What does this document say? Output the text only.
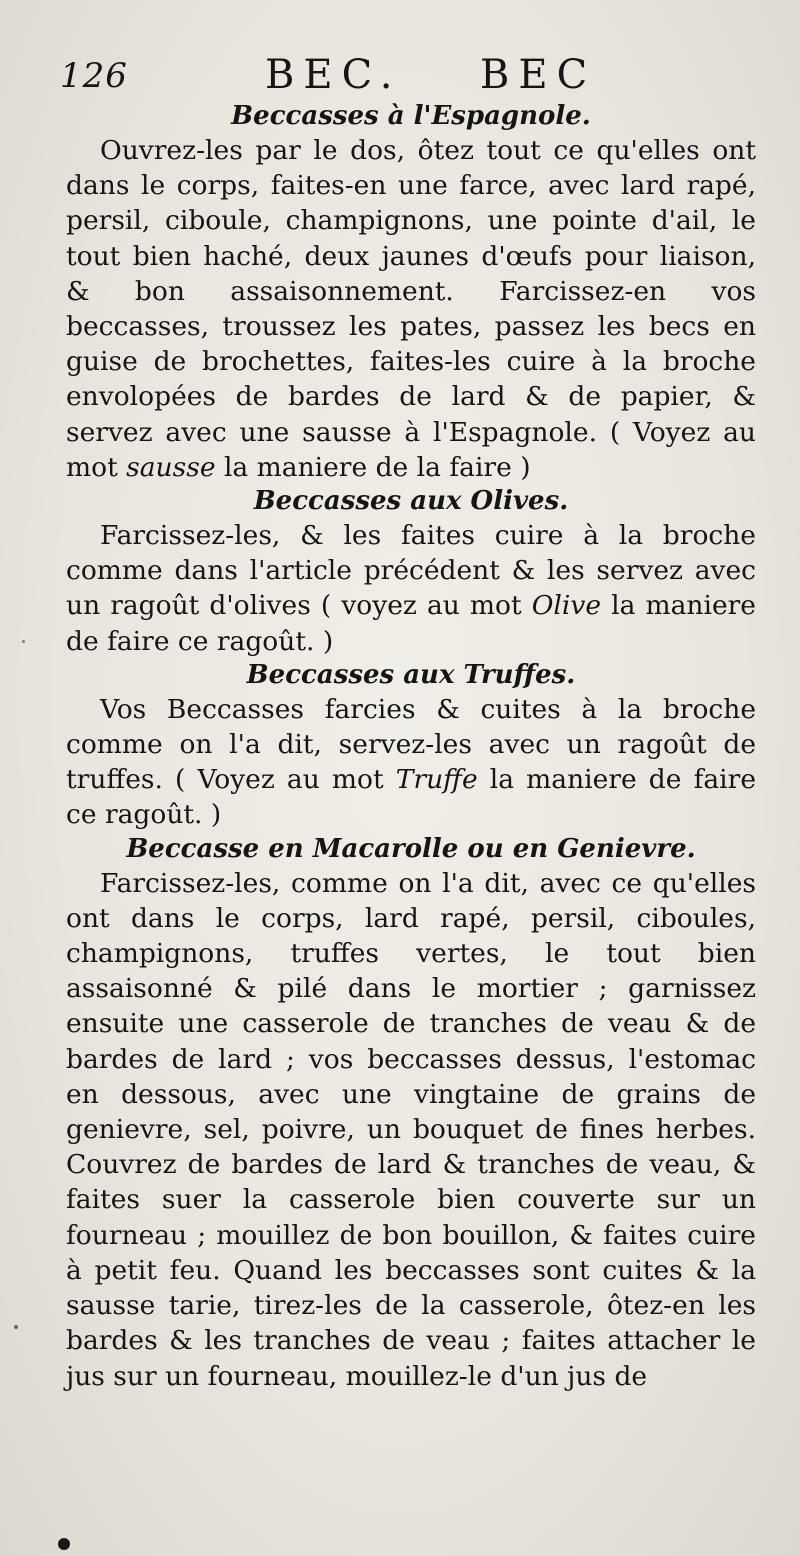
126	BEC. BEC
Beccasses à l'Espagnole.

Ouvrez-les par le dos, ôtez tout ce qu'elles ont dans le corps, faites-en une farce, avec lard rapé, persil, ciboule, champignons, une pointe d'ail, le tout bien haché, deux jaunes d'œufs pour liaison, & bon assaisonnement. Farcissez-en vos beccasses, troussez les pates, passez les becs en guise de brochettes, faites-les cuire à la broche envolopées de bardes de lard & de papier, & servez avec une sausse à l'Espagnole. ( Voyez au mot sausse la maniere de la faire )

Beccasses aux Olives.

Farcissez-les, & les faites cuire à la broche comme dans l'article précédent & les servez avec un ragoût d'olives ( voyez au mot Olive la maniere de faire ce ragoût. )

Beccasses aux Truffes.

Vos Beccasses farcies & cuites à la broche comme on l'a dit, servez-les avec un ragoût de truffes. ( Voyez au mot Truffe la maniere de faire ce ragoût. )

Beccasse en Macarolle ou en Genievre.

Farcissez-les, comme on l'a dit, avec ce qu'elles ont dans le corps, lard rapé, persil, ciboules, champignons, truffes vertes, le tout bien assaisonné & pilé dans le mortier ; garnissez ensuite une casserole de tranches de veau & de bardes de lard ; vos beccasses dessus, l'estomac en dessous, avec une vingtaine de grains de genievre, sel, poivre, un bouquet de fines herbes. Couvrez de bardes de lard & tranches de veau, & faites suer la casserole bien couverte sur un fourneau ; mouillez de bon bouillon, & faites cuire à petit feu. Quand les beccasses sont cuites & la sausse tarie, tirez-les de la casserole, ôtez-en les bardes & les tranches de veau ; faites attacher le jus sur un fourneau, mouillez-le d'un jus de
